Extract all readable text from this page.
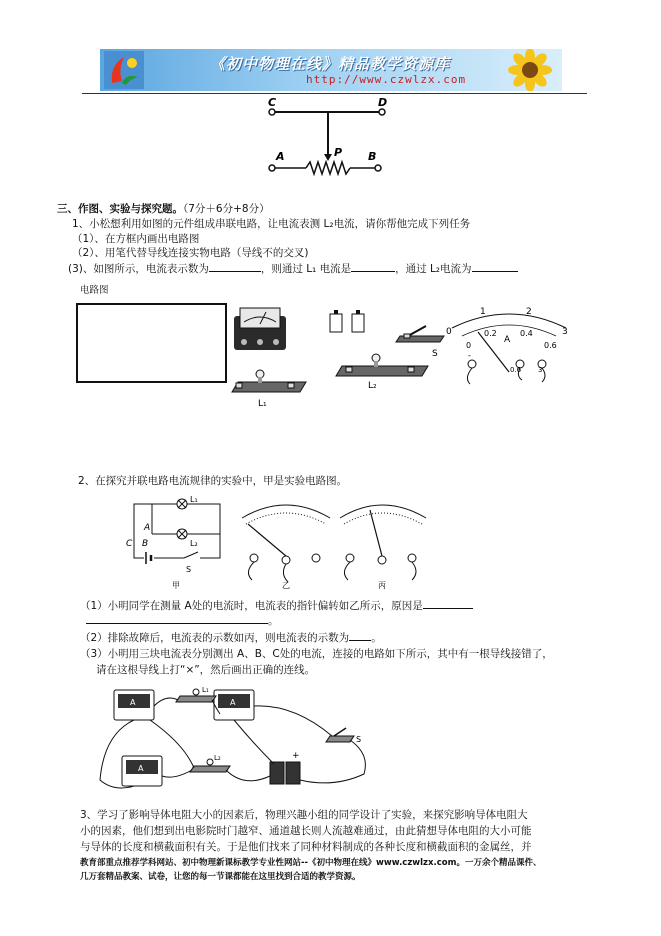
《初中物理在线》精品教学资源库
http://www.czwlzx.com
C	D
A	P B
三、作图、实验与探究题。（7分＋6分+8分）
1、小松想利用如图的元件组成串联电路，让电流表测 L₂电流，请你帮他完成下列任务
（1）、在方框内画出电路图
（2）、用笔代替导线连接实物电路（导线不的交叉)
(3)、如图所示，电流表示数为	，则通过 L₁ 电流是	，通过 L₂电流为
电路图
L₁
L₂
S
0
1	2
3
0
0.2	0.4
0.6
A
-
0.6 3
2、在探究并联电路电流规律的实验中，甲是实验电路图。
A
B
C
L₁
L₂
S
甲	乙	丙
（1）小明同学在测量 A处的电流时，电流表的指针偏转如乙所示，原因是
。
（2）排除故障后，电流表的示数如丙，则电流表的示数为 。
（3）小明用三块电流表分别测出 A、B、C处的电流，连接的电路如下所示，其中有一根导线接错了，
请在这根导线上打“×”，然后画出正确的连线。
A	A
A
L₁
L₂	+
S
3、学习了影响导体电阻大小的因素后，物理兴趣小组的同学设计了实验，来探究影响导体电阻大
小的因素，他们想到出电影院时门越窄、通道越长则人流越难通过，由此猜想导体电阻的大小可能
与导体的长度和横截面积有关。于是他们找来了同种材料制成的各种长度和横截面积的金属丝，并
教育部重点推荐学科网站、初中物理新课标教学专业性网站--《初中物理在线》www.czwlzx.com。一万余个精品课件、
几万套精品教案、试卷，让您的每一节课都能在这里找到合适的教学资源。
